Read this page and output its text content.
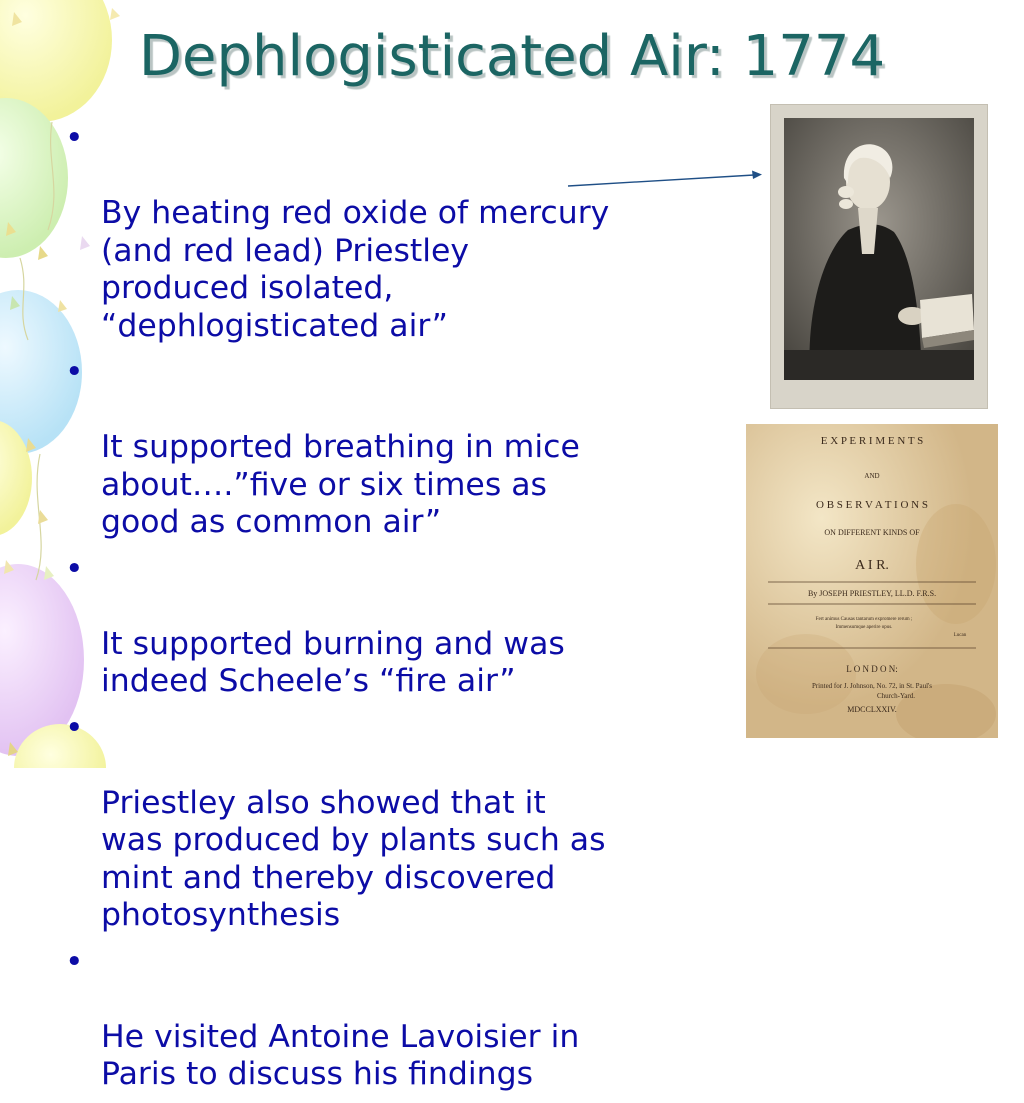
Dephlogisticated Air: 1774

•

By heating red oxide of mercury
(and red lead) Priestley
produced isolated,
“dephlogisticated air”

•

It supported breathing in mice
about….”five or six times as
good as common air”

•

It supported burning and was
indeed Scheele’s “fire air”

•

Priestley also showed that it
was produced by plants such as
mint and thereby discovered
photosynthesis

•

He visited Antoine Lavoisier in
Paris to discuss his findings

E X P E R I M E N T S
AND
O B S E R V A T I O N S
ON DIFFERENT KINDS OF
A I R.
By JOSEPH PRIESTLEY, LL.D. F.R.S.
Fert animus Causas tantarum expromere rerum ;
Immensumque aperire opus.
Lucan
L O N D O N:
Printed for J. Johnson, No. 72, in St. Paul's
Church-Yard.
MDCCLXXIV.
